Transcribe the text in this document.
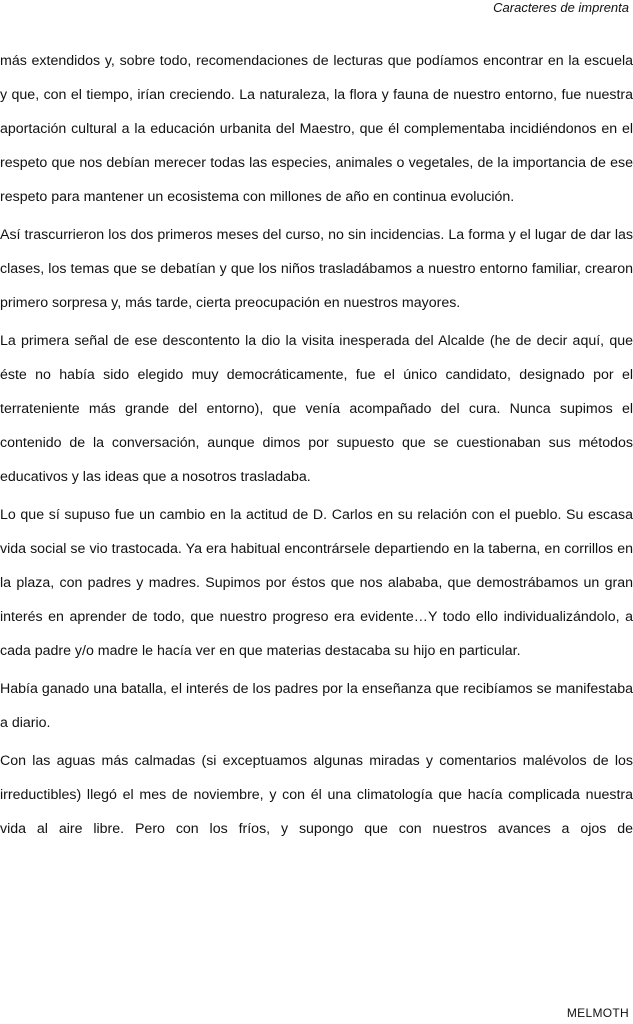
Caracteres de imprenta

más extendidos y, sobre todo, recomendaciones de lecturas que podíamos encontrar en la escuela y que, con el tiempo, irían creciendo. La naturaleza, la flora y fauna de nuestro entorno, fue nuestra aportación cultural a la educación urbanita del Maestro, que él complementaba incidiéndonos en el respeto que nos debían merecer todas las especies, animales o vegetales, de la importancia de ese respeto para mantener un ecosistema con millones de año en continua evolución.

Así trascurrieron los dos primeros meses del curso, no sin incidencias. La forma y el lugar de dar las clases, los temas que se debatían y que los niños trasladábamos a nuestro entorno familiar, crearon primero sorpresa y, más tarde, cierta preocupación en nuestros mayores.

La primera señal de ese descontento la dio la visita inesperada del Alcalde (he de decir aquí, que éste no había sido elegido muy democráticamente, fue el único candidato, designado por el terrateniente más grande del entorno), que venía acompañado del cura. Nunca supimos el contenido de la conversación, aunque dimos por supuesto que se cuestionaban sus métodos educativos y las ideas que a nosotros trasladaba.

Lo que sí supuso fue un cambio en la actitud de D. Carlos en su relación con el pueblo. Su escasa vida social se vio trastocada. Ya era habitual encontrársele departiendo en la taberna, en corrillos en la plaza, con padres y madres. Supimos por éstos que nos alababa, que demostrábamos un gran interés en aprender de todo, que nuestro progreso era evidente…Y todo ello individualizándolo, a cada padre y/o madre le hacía ver en que materias destacaba su hijo en particular.

Había ganado una batalla, el interés de los padres por la enseñanza que recibíamos se manifestaba a diario.

Con las aguas más calmadas (si exceptuamos algunas miradas y comentarios malévolos de los irreductibles) llegó el mes de noviembre, y con él una climatología que hacía complicada nuestra vida al aire libre. Pero con los fríos, y supongo que con nuestros avances a ojos de

MELMOTH
